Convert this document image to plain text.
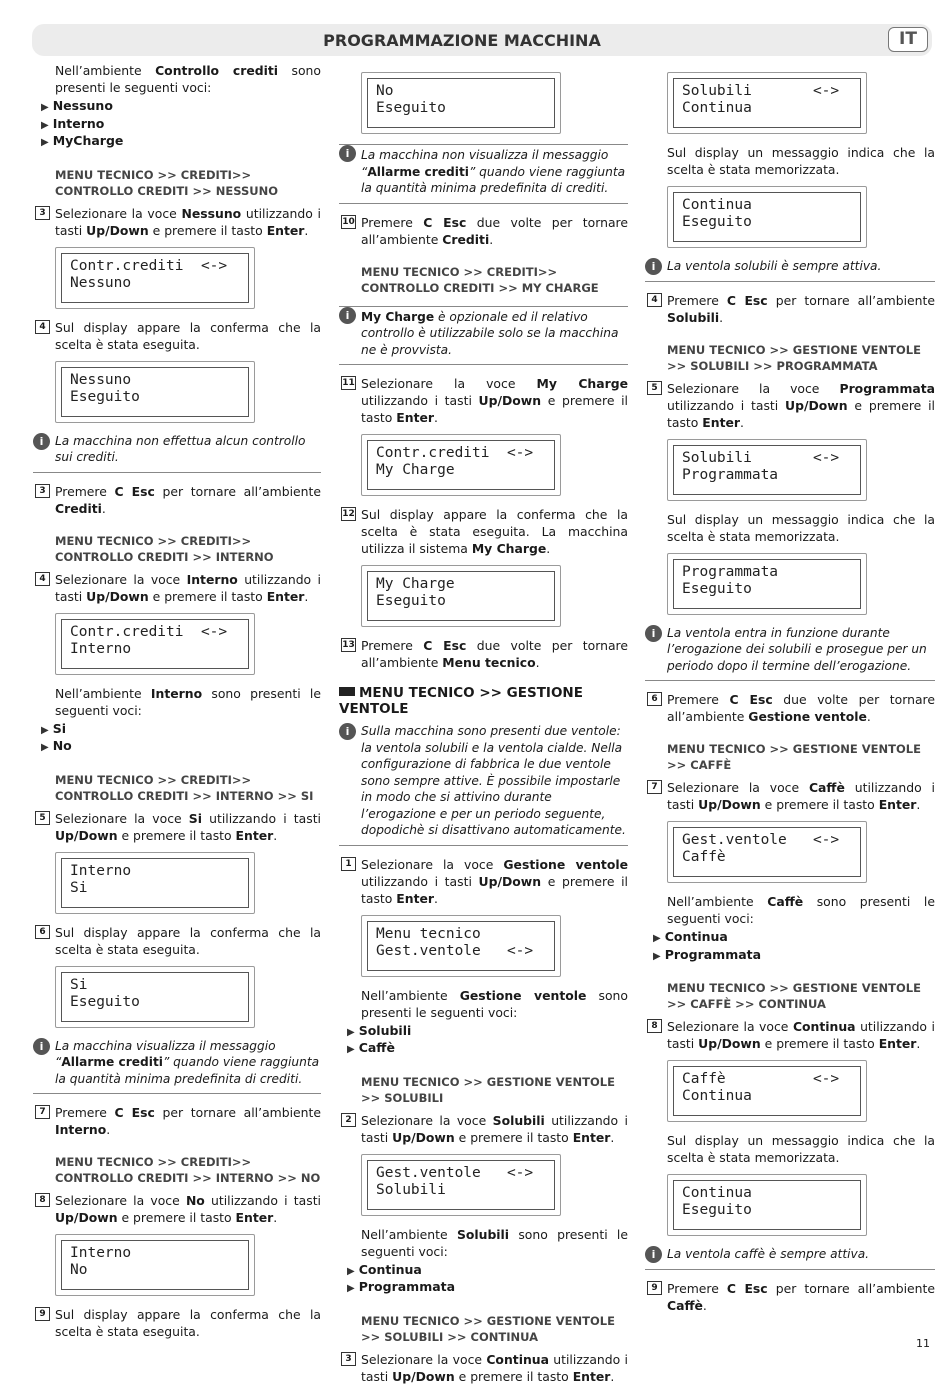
PROGRAMMAZIONE MACCHINA	IT
Nell’ambiente Controllo crediti sono presenti le seguenti voci:
▶ Nessuno
▶ Interno
▶ MyCharge
MENU TECNICO >> CREDITI>> CONTROLLO CREDITI >> NESSUNO
3 Selezionare la voce Nessuno utilizzando i tasti Up/Down e premere il tasto Enter.
Contr.crediti  <->
Nessuno
4 Sul display appare la conferma che la scelta è stata eseguita.
Nessuno
Eseguito
i La macchina non effettua alcun controllo sui crediti.
3 Premere C Esc per tornare all’ambiente Crediti.
MENU TECNICO >> CREDITI>> CONTROLLO CREDITI >> INTERNO
4 Selezionare la voce Interno utilizzando i tasti Up/Down e premere il tasto Enter.
Contr.crediti  <->
Interno
Nell’ambiente Interno sono presenti le seguenti voci:
▶ Si
▶ No
MENU TECNICO >> CREDITI>> CONTROLLO CREDITI >> INTERNO >> SI
5 Selezionare la voce Si utilizzando i tasti Up/Down e premere il tasto Enter.
Interno
Si
6 Sul display appare la conferma che la scelta è stata eseguita.
Si
Eseguito
i La macchina visualizza il messaggio “Allarme crediti” quando viene raggiunta la quantità minima predefinita di crediti.
7 Premere C Esc per tornare all’ambiente Interno.
MENU TECNICO >> CREDITI>> CONTROLLO CREDITI >> INTERNO >> NO
8 Selezionare la voce No utilizzando i tasti Up/Down e premere il tasto Enter.
Interno
No
9 Sul display appare la conferma che la scelta è stata eseguita.
No
Eseguito
i La macchina non visualizza il messaggio “Allarme crediti” quando viene raggiunta la quantità minima predefinita di crediti.
10 Premere C Esc due volte per tornare all’ambiente Crediti.
MENU TECNICO >> CREDITI>> CONTROLLO CREDITI >> MY CHARGE
i My Charge è opzionale ed il relativo controllo è utilizzabile solo se la macchina ne è provvista.
11 Selezionare la voce My Charge utilizzando i tasti Up/Down e premere il tasto Enter.
Contr.crediti  <->
My Charge
12 Sul display appare la conferma che la scelta è stata eseguita. La macchina utilizza il sistema My Charge.
My Charge
Eseguito
13 Premere C Esc due volte per tornare all’ambiente Menu tecnico.
MENU TECNICO >> GESTIONE VENTOLE
i Sulla macchina sono presenti due ventole: la ventola solubili e la ventola cialde. Nella configurazione di fabbrica le due ventole sono sempre attive. È possibile impostarle in modo che si attivino durante l’erogazione e per un periodo seguente, dopodichè si disattivano automaticamente.
1 Selezionare la voce Gestione ventole utilizzando i tasti Up/Down e premere il tasto Enter.
Menu tecnico
Gest.ventole   <->
Nell’ambiente Gestione ventole sono presenti le seguenti voci:
▶ Solubili
▶ Caffè
MENU TECNICO >> GESTIONE VENTOLE >> SOLUBILI
2 Selezionare la voce Solubili utilizzando i tasti Up/Down e premere il tasto Enter.
Gest.ventole   <->
Solubili
Nell’ambiente Solubili sono presenti le seguenti voci:
▶ Continua
▶ Programmata
MENU TECNICO >> GESTIONE VENTOLE >> SOLUBILI >> CONTINUA
3 Selezionare la voce Continua utilizzando i tasti Up/Down e premere il tasto Enter.
Solubili       <->
Continua
Sul display un messaggio indica che la scelta è stata memorizzata.
Continua
Eseguito
i La ventola solubili è sempre attiva.
4 Premere C Esc per tornare all’ambiente Solubili.
MENU TECNICO >> GESTIONE VENTOLE >> SOLUBILI >> PROGRAMMATA
5 Selezionare la voce Programmata utilizzando i tasti Up/Down e premere il tasto Enter.
Solubili       <->
Programmata
Sul display un messaggio indica che la scelta è stata memorizzata.
Programmata
Eseguito
i La ventola entra in funzione durante l’erogazione dei solubili e prosegue per un periodo dopo il termine dell’erogazione.
6 Premere C Esc due volte per tornare all’ambiente Gestione ventole.
MENU TECNICO >> GESTIONE VENTOLE >> CAFFÈ
7 Selezionare la voce Caffè utilizzando i tasti Up/Down e premere il tasto Enter.
Gest.ventole   <->
Caffè
Nell’ambiente Caffè sono presenti le seguenti voci:
▶ Continua
▶ Programmata
MENU TECNICO >> GESTIONE VENTOLE >> CAFFÈ >> CONTINUA
8 Selezionare la voce Continua utilizzando i tasti Up/Down e premere il tasto Enter.
Caffè          <->
Continua
Sul display un messaggio indica che la scelta è stata memorizzata.
Continua
Eseguito
i La ventola caffè è sempre attiva.
9 Premere C Esc per tornare all’ambiente Caffè.
11
